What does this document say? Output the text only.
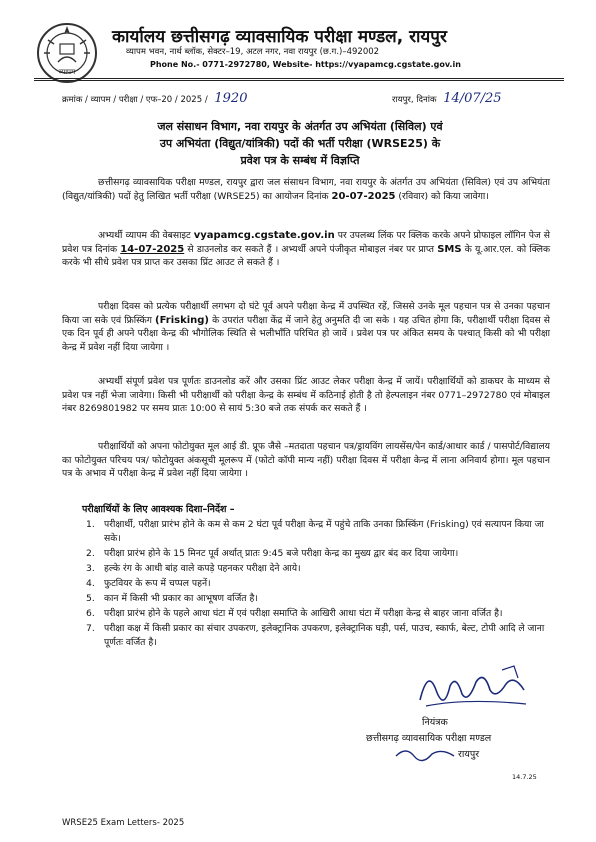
व्यापम
कार्यालय छत्तीसगढ़ व्यावसायिक परीक्षा मण्डल, रायपुर
व्यापम भवन, नार्थ ब्लॉक, सेक्टर–19, अटल नगर, नवा रायपुर (छ.ग.)–492002
Phone No.- 0771-2972780, Website- https://vyapamcg.cgstate.gov.in
क्रमांक / व्यापम / परीक्षा / एफ–20 / 2025 / 1920	रायपुर, दिनांक 14/07/25
जल संसाधन विभाग, नवा रायपुर के अंतर्गत उप अभियंता (सिविल) एवं
उप अभियंता (विद्युत/यांत्रिकी) पदों की भर्ती परीक्षा (WRSE25) के
प्रवेश पत्र के सम्बंध में विज्ञप्ति
छत्तीसगढ़ व्यावसायिक परीक्षा मण्डल, रायपुर द्वारा जल संसाधन विभाग, नवा रायपुर के अंतर्गत उप अभियंता (सिविल) एवं उप अभियंता (विद्युत/यांत्रिकी) पदों हेतु लिखित भर्ती परीक्षा (WRSE25) का आयोजन दिनांक 20-07-2025 (रविवार) को किया जावेगा।
अभ्यर्थी व्यापम की वेबसाइट vyapamcg.cgstate.gov.in पर उपलब्ध लिंक पर क्लिक करके अपने प्रोफाइल लॉगिन पेज से प्रवेश पत्र दिनांक 14-07-2025 से डाउनलोड कर सकते हैं । अभ्यर्थी अपने पंजीकृत मोबाइल नंबर पर प्राप्त SMS के यू.आर.एल. को क्लिक करके भी सीधे प्रवेश पत्र प्राप्त कर उसका प्रिंट आउट ले सकते हैं ।
परीक्षा दिवस को प्रत्येक परीक्षार्थी लगभग दो घंटे पूर्व अपने परीक्षा केन्द्र में उपस्थित रहें, जिससे उनके मूल पहचान पत्र से उनका पहचान किया जा सके एवं फ्रिस्किंग (Frisking) के उपरांत परीक्षा केंद्र में जाने हेतु अनुमति दी जा सके । यह उचित होगा कि, परीक्षार्थी परीक्षा दिवस से एक दिन पूर्व ही अपने परीक्षा केन्द्र की भौगोलिक स्थिति से भलीभाँति परिचित हो जावें । प्रवेश पत्र पर अंकित समय के पश्चात् किसी को भी परीक्षा केन्द्र में प्रवेश नहीं दिया जायेगा ।
अभ्यर्थी संपूर्ण प्रवेश पत्र पूर्णतः डाउनलोड करें और उसका प्रिंट आउट लेकर परीक्षा केन्द्र में जायें। परीक्षार्थियों को डाकघर के माध्यम से प्रवेश पत्र नहीं भेजा जावेगा। किसी भी परीक्षार्थी को परीक्षा केन्द्र के सम्बंध में कठिनाई होती है तो हेल्पलाइन नंबर 0771–2972780 एवं मोबाइल नंबर 8269801982 पर समय प्रातः 10:00 से सायं 5:30 बजे तक संपर्क कर सकते हैं ।
परीक्षार्थियों को अपना फोटोयुक्त मूल आई डी. प्रूफ जैसे –मतदाता पहचान पत्र/ड्रायविंग लायसेंस/पेन कार्ड/आधार कार्ड / पासपोर्ट/विद्यालय का फोटोयुक्त परिचय पत्र/ फोटोयुक्त अंकसूची मूलरूप में (फोटो कॉपी मान्य नहीं) परीक्षा दिवस में परीक्षा केन्द्र में लाना अनिवार्य होगा। मूल पहचान पत्र के अभाव में परीक्षा केन्द्र में प्रवेश नहीं दिया जायेगा ।
परीक्षार्थियों के लिए आवश्यक दिशा–निर्देश –
1. परीक्षार्थी, परीक्षा प्रारंभ होने के कम से कम 2 घंटा पूर्व परीक्षा केन्द्र में पहुंचे ताकि उनका फ्रिस्किंग (Frisking) एवं सत्यापन किया जा सके।
2. परीक्षा प्रारंभ होने के 15 मिनट पूर्व अर्थात् प्रातः 9:45 बजे परीक्षा केन्द्र का मुख्य द्वार बंद कर दिया जायेगा।
3. हल्के रंग के आधी बांह वाले कपड़े पहनकर परीक्षा देने आये।
4. फुटवियर के रूप में चप्पल पहनें।
5. कान में किसी भी प्रकार का आभूषण वर्जित है।
6. परीक्षा प्रारंभ होने के पहले आधा घंटा में एवं परीक्षा समाप्ति के आखिरी आधा घंटा में परीक्षा केन्द्र से बाहर जाना वर्जित है।
7. परीक्षा कक्ष में किसी प्रकार का संचार उपकरण, इलेक्ट्रानिक उपकरण, इलेक्ट्रानिक घड़ी, पर्स, पाउच, स्कार्फ, बेल्ट, टोपी आदि ले जाना पूर्णतः वर्जित है।
नियंत्रक
छत्तीसगढ़ व्यावसायिक परीक्षा मण्डल
रायपुर
14.7.25
WRSE25 Exam Letters- 2025
